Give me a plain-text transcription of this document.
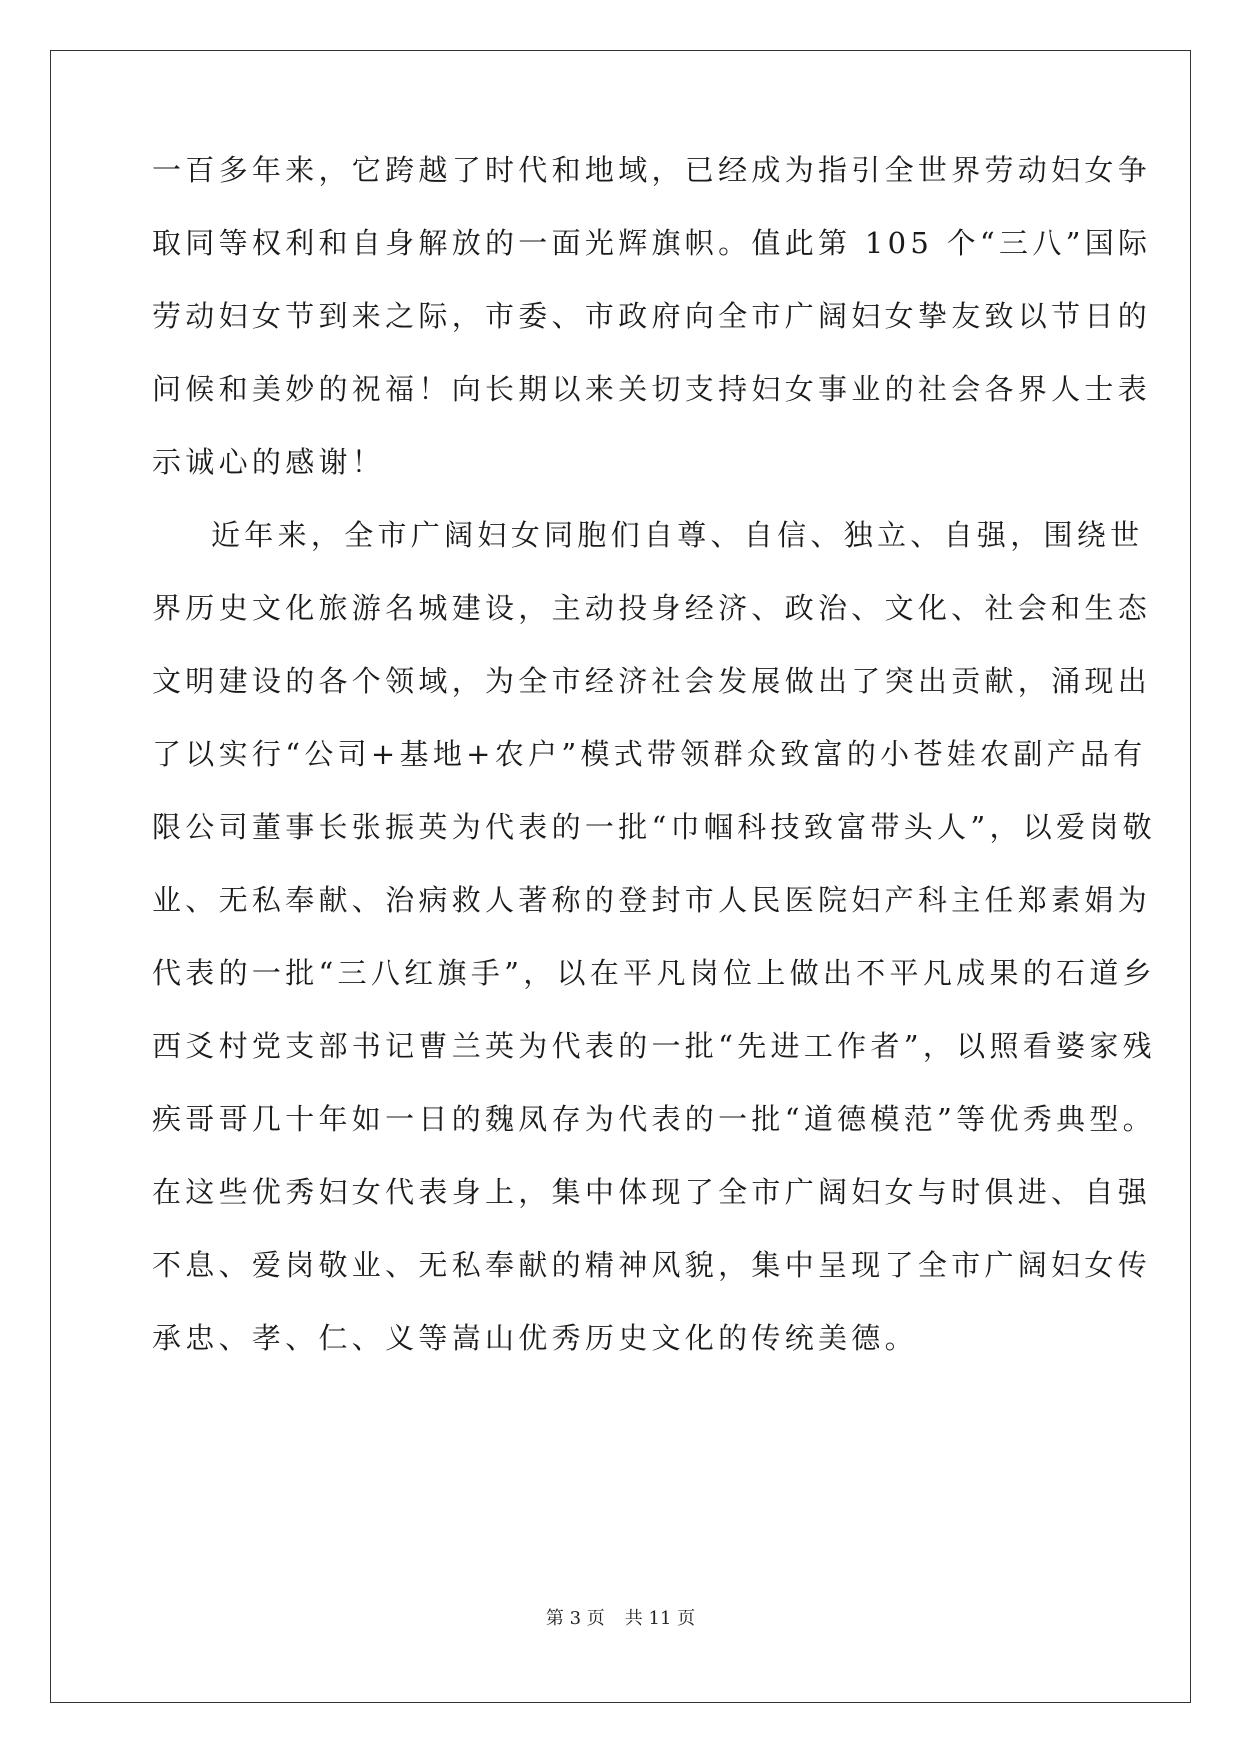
一百多年来，它跨越了时代和地域，已经成为指引全世界劳动妇女争
取同等权利和自身解放的一面光辉旗帜。值此第 105 个“三八”国际
劳动妇女节到来之际，市委、市政府向全市广阔妇女挚友致以节日的
问候和美妙的祝福！向长期以来关切支持妇女事业的社会各界人士表
示诚心的感谢！
近年来，全市广阔妇女同胞们自尊、自信、独立、自强，围绕世
界历史文化旅游名城建设，主动投身经济、政治、文化、社会和生态
文明建设的各个领域，为全市经济社会发展做出了突出贡献，涌现出
了以实行“公司+基地+农户”模式带领群众致富的小苍娃农副产品有
限公司董事长张振英为代表的一批“巾帼科技致富带头人”，以爱岗敬
业、无私奉献、治病救人著称的登封市人民医院妇产科主任郑素娟为
代表的一批“三八红旗手”，以在平凡岗位上做出不平凡成果的石道乡
西爻村党支部书记曹兰英为代表的一批“先进工作者”，以照看婆家残
疾哥哥几十年如一日的魏凤存为代表的一批“道德模范”等优秀典型。
在这些优秀妇女代表身上，集中体现了全市广阔妇女与时俱进、自强
不息、爱岗敬业、无私奉献的精神风貌，集中呈现了全市广阔妇女传
承忠、孝、仁、义等嵩山优秀历史文化的传统美德。
第 3 页 共 11 页
